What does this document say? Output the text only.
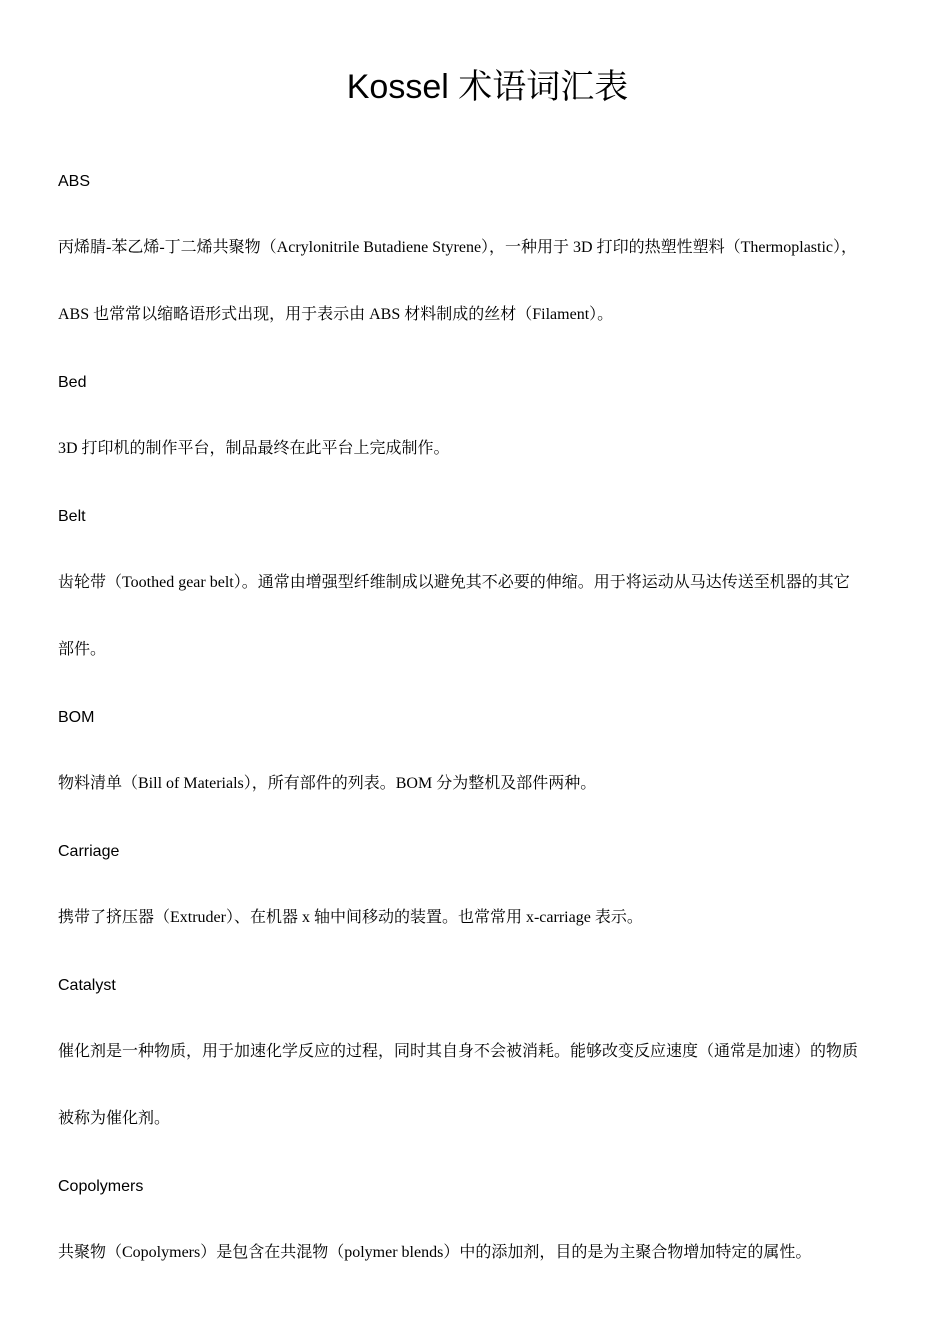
Kossel 术语词汇表
ABS
丙烯腈-苯乙烯-丁二烯共聚物（Acrylonitrile Butadiene Styrene），一种用于 3D 打印的热塑性塑料（Thermoplastic），
ABS 也常常以缩略语形式出现，用于表示由 ABS 材料制成的丝材（Filament）。
Bed
3D 打印机的制作平台，制品最终在此平台上完成制作。
Belt
齿轮带（Toothed gear belt）。通常由增强型纤维制成以避免其不必要的伸缩。用于将运动从马达传送至机器的其它
部件。
BOM
物料清单（Bill of Materials），所有部件的列表。BOM 分为整机及部件两种。
Carriage
携带了挤压器（Extruder）、在机器 x 轴中间移动的装置。也常常用 x-carriage 表示。
Catalyst
催化剂是一种物质，用于加速化学反应的过程，同时其自身不会被消耗。能够改变反应速度（通常是加速）的物质
被称为催化剂。
Copolymers
共聚物（Copolymers）是包含在共混物（polymer blends）中的添加剂，目的是为主聚合物增加特定的属性。
